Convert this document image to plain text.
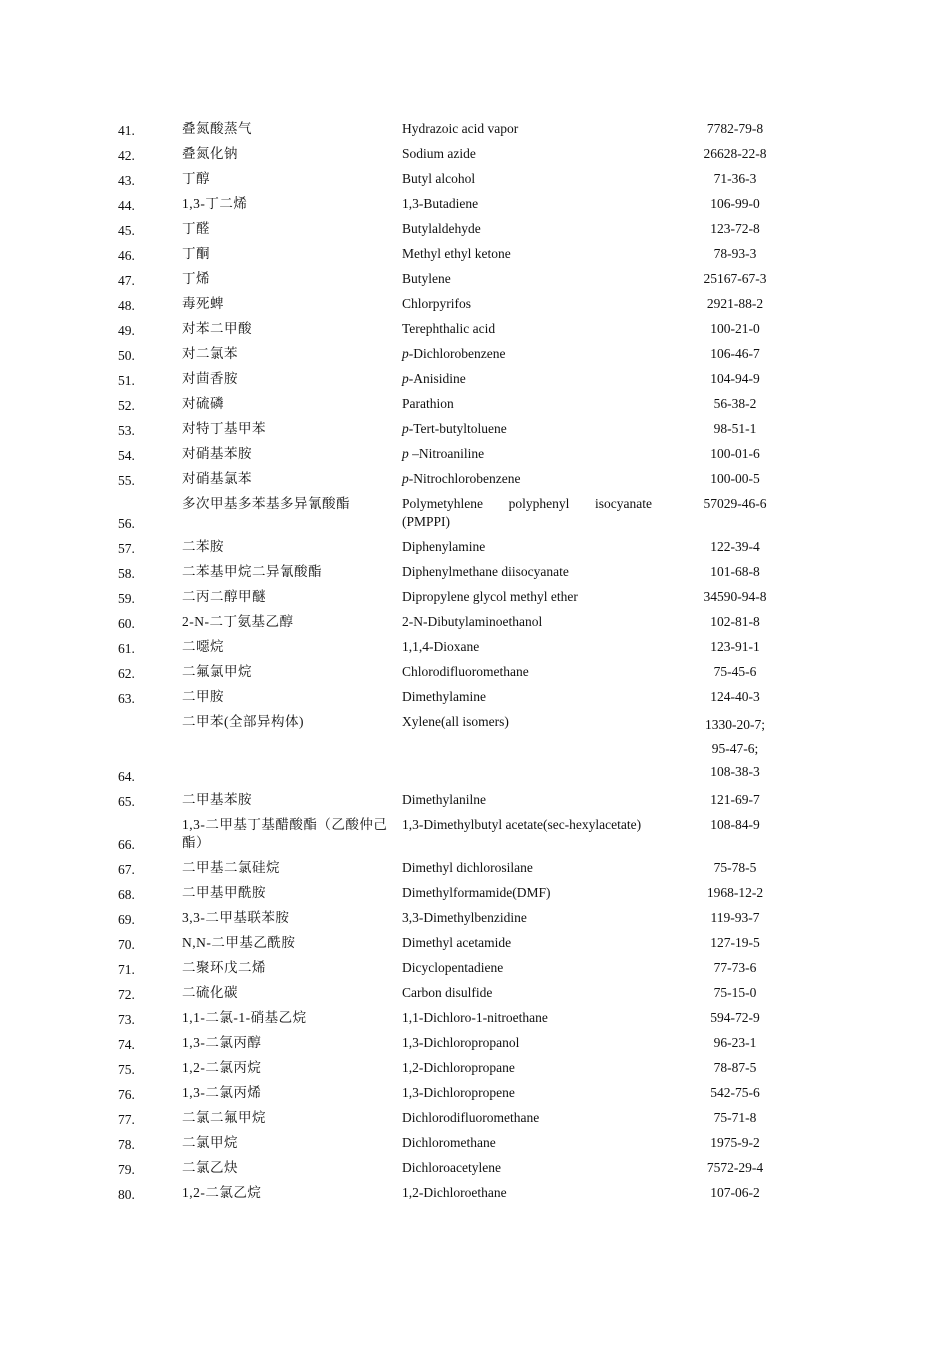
41.	叠氮酸蒸气	Hydrazoic acid vapor	7782-79-8

42.	叠氮化钠	Sodium azide	26628-22-8

43.	丁醇	Butyl alcohol	71-36-3

44.	1,3-丁二烯	1,3-Butadiene	106-99-0

45.	丁醛	Butylaldehyde	123-72-8

46.	丁酮	Methyl ethyl ketone	78-93-3

47.	丁烯	Butylene	25167-67-3

48.	毒死蜱	Chlorpyrifos	2921-88-2

49.	对苯二甲酸	Terephthalic acid	100-21-0

50.	对二氯苯	p-Dichlorobenzene	106-46-7

51.	对茴香胺	p-Anisidine	104-94-9

52.	对硫磷	Parathion	56-38-2

53.	对特丁基甲苯	p-Tert-butyltoluene	98-51-1

54.	对硝基苯胺	p –Nitroaniline	100-01-6

55.	对硝基氯苯	p-Nitrochlorobenzene	100-00-5

56.	多次甲基多苯基多异氰酸酯	Polymetyhlene polyphenyl isocyanate (PMPPI)	57029-46-6

57.	二苯胺	Diphenylamine	122-39-4

58.	二苯基甲烷二异氰酸酯	Diphenylmethane diisocyanate	101-68-8

59.	二丙二醇甲醚	Dipropylene glycol methyl ether	34590-94-8

60.	2-N-二丁氨基乙醇	2-N-Dibutylaminoethanol	102-81-8

61.	二噁烷	1,1,4-Dioxane	123-91-1

62.	二氟氯甲烷	Chlorodifluoromethane	75-45-6

63.	二甲胺	Dimethylamine	124-40-3

64.	二甲苯(全部异构体)	Xylene(all isomers)	1330-20-7;
95-47-6;
108-38-3

65.	二甲基苯胺	Dimethylanilne	121-69-7

66.	1,3-二甲基丁基醋酸酯（乙酸仲己酯）	1,3-Dimethylbutyl acetate(sec-hexylacetate)	108-84-9

67.	二甲基二氯硅烷	Dimethyl dichlorosilane	75-78-5

68.	二甲基甲酰胺	Dimethylformamide(DMF)	1968-12-2

69.	3,3-二甲基联苯胺	3,3-Dimethylbenzidine	119-93-7

70.	N,N-二甲基乙酰胺	Dimethyl acetamide	127-19-5

71.	二聚环戊二烯	Dicyclopentadiene	77-73-6

72.	二硫化碳	Carbon disulfide	75-15-0

73.	1,1-二氯-1-硝基乙烷	1,1-Dichloro-1-nitroethane	594-72-9

74.	1,3-二氯丙醇	1,3-Dichloropropanol	96-23-1

75.	1,2-二氯丙烷	1,2-Dichloropropane	78-87-5

76.	1,3-二氯丙烯	1,3-Dichloropropene	542-75-6

77.	二氯二氟甲烷	Dichlorodifluoromethane	75-71-8

78.	二氯甲烷	Dichloromethane	1975-9-2

79.	二氯乙炔	Dichloroacetylene	7572-29-4

80.	1,2-二氯乙烷	1,2-Dichloroethane	107-06-2
